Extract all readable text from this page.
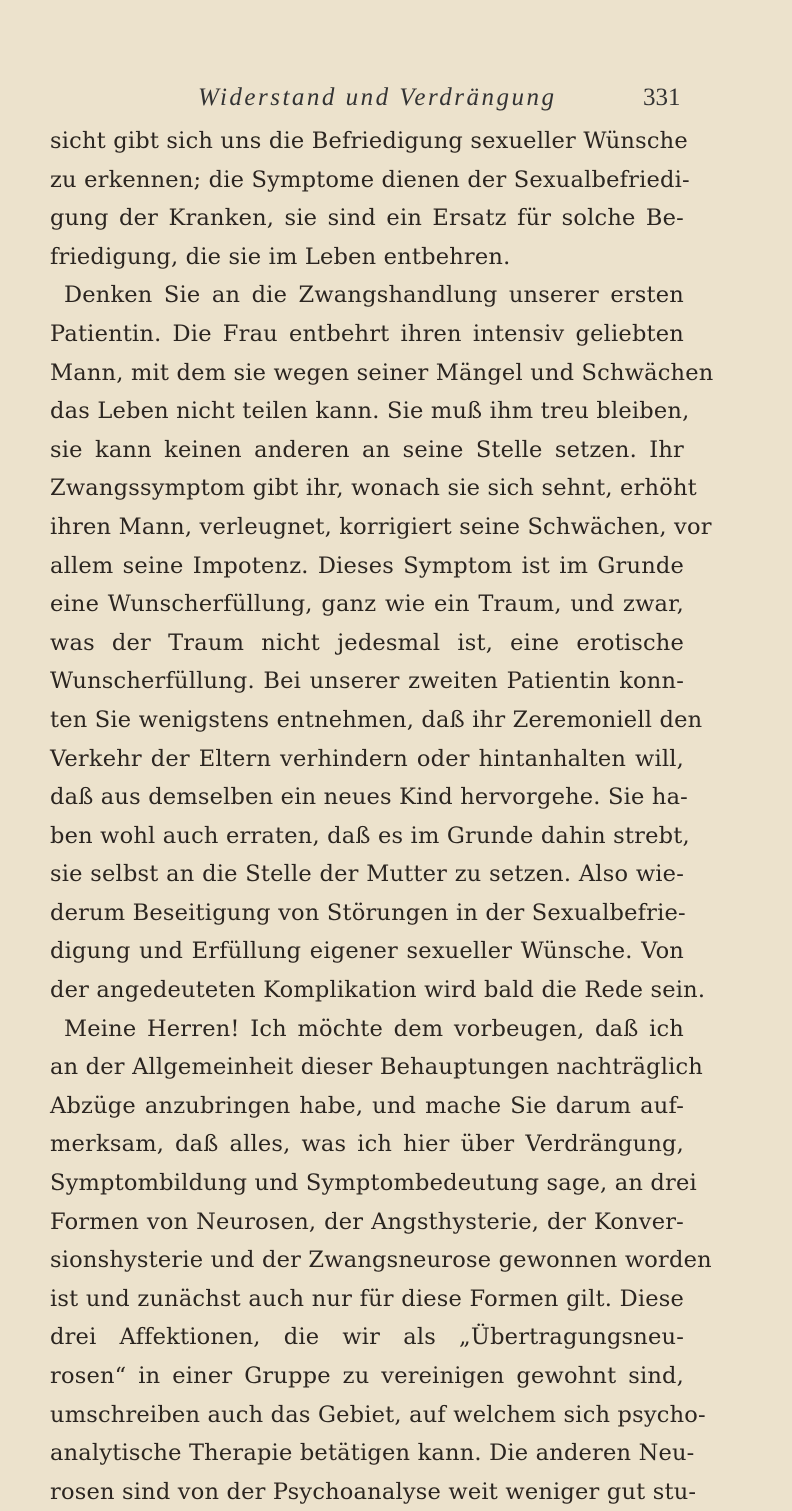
Widerstand und Verdrängung	331
sicht gibt sich uns die Befriedigung sexueller Wünsche
zu erkennen; die Symptome dienen der Sexualbefriedi-
gung der Kranken, sie sind ein Ersatz für solche Be-
friedigung, die sie im Leben entbehren.
Denken Sie an die Zwangshandlung unserer ersten
Patientin. Die Frau entbehrt ihren intensiv geliebten
Mann, mit dem sie wegen seiner Mängel und Schwächen
das Leben nicht teilen kann. Sie muß ihm treu bleiben,
sie kann keinen anderen an seine Stelle setzen. Ihr
Zwangssymptom gibt ihr, wonach sie sich sehnt, erhöht
ihren Mann, verleugnet, korrigiert seine Schwächen, vor
allem seine Impotenz. Dieses Symptom ist im Grunde
eine Wunscherfüllung, ganz wie ein Traum, und zwar,
was der Traum nicht jedesmal ist, eine erotische
Wunscherfüllung. Bei unserer zweiten Patientin konn-
ten Sie wenigstens entnehmen, daß ihr Zeremoniell den
Verkehr der Eltern verhindern oder hintanhalten will,
daß aus demselben ein neues Kind hervorgehe. Sie ha-
ben wohl auch erraten, daß es im Grunde dahin strebt,
sie selbst an die Stelle der Mutter zu setzen. Also wie-
derum Beseitigung von Störungen in der Sexualbefrie-
digung und Erfüllung eigener sexueller Wünsche. Von
der angedeuteten Komplikation wird bald die Rede sein.
Meine Herren! Ich möchte dem vorbeugen, daß ich
an der Allgemeinheit dieser Behauptungen nachträglich
Abzüge anzubringen habe, und mache Sie darum auf-
merksam, daß alles, was ich hier über Verdrängung,
Symptombildung und Symptombedeutung sage, an drei
Formen von Neurosen, der Angsthysterie, der Konver-
sionshysterie und der Zwangsneurose gewonnen worden
ist und zunächst auch nur für diese Formen gilt. Diese
drei Affektionen, die wir als „Übertragungsneu-
rosen“ in einer Gruppe zu vereinigen gewohnt sind,
umschreiben auch das Gebiet, auf welchem sich psycho-
analytische Therapie betätigen kann. Die anderen Neu-
rosen sind von der Psychoanalyse weit weniger gut stu-
